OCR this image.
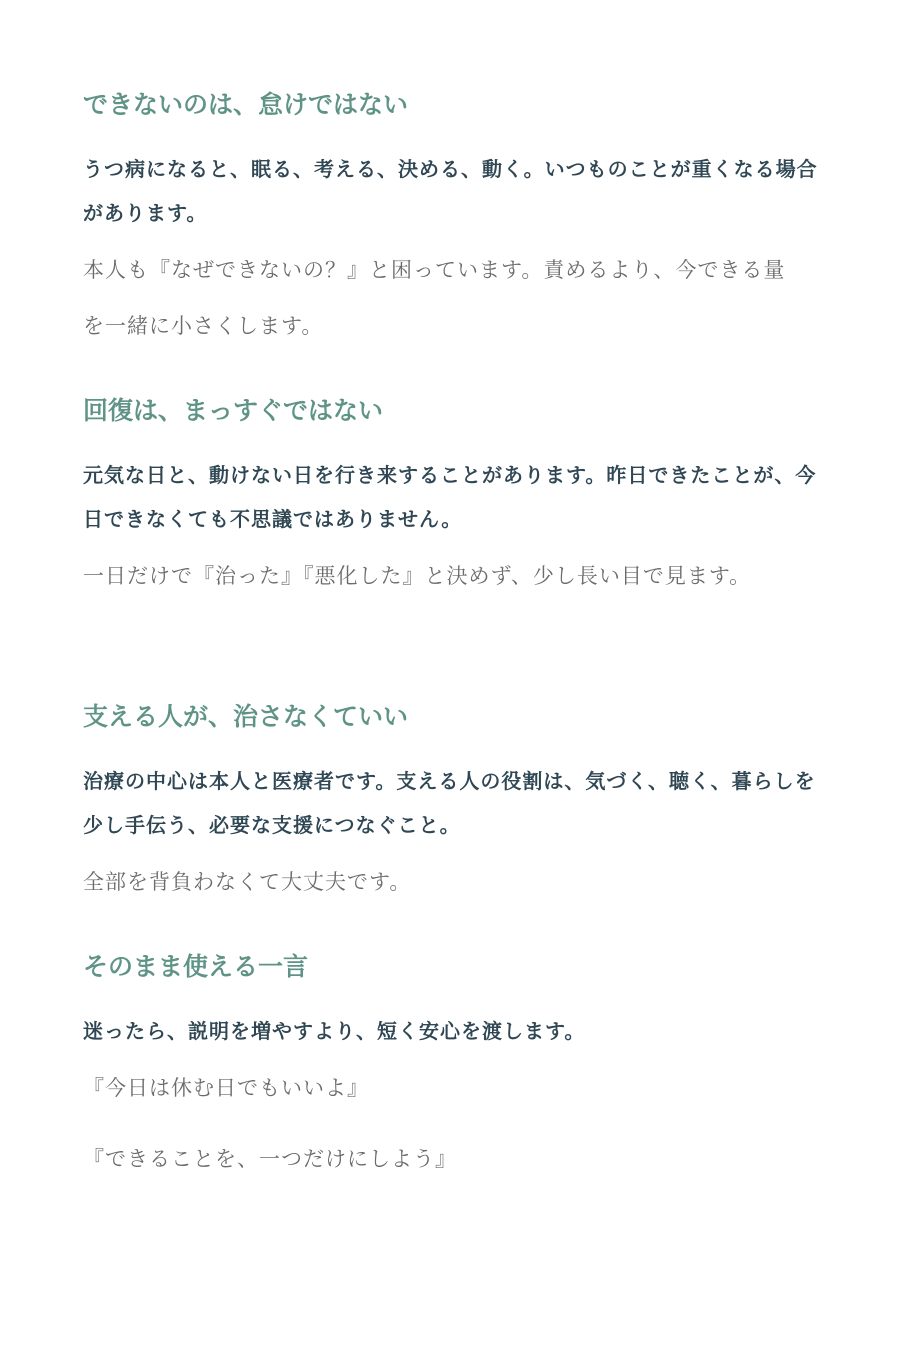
できないのは、怠けではない

うつ病になると、眠る、考える、決める、動く。いつものことが重くなる場合があります。

本人も『なぜできないの？』と困っています。責めるより、今できる量を一緒に小さくします。

回復は、まっすぐではない

元気な日と、動けない日を行き来することがあります。昨日できたことが、今日できなくても不思議ではありません。

一日だけで『治った』『悪化した』と決めず、少し長い目で見ます。

支える人が、治さなくていい

治療の中心は本人と医療者です。支える人の役割は、気づく、聴く、暮らしを少し手伝う、必要な支援につなぐこと。

全部を背負わなくて大丈夫です。

そのまま使える一言

迷ったら、説明を増やすより、短く安心を渡します。

『今日は休む日でもいいよ』

『できることを、一つだけにしよう』
